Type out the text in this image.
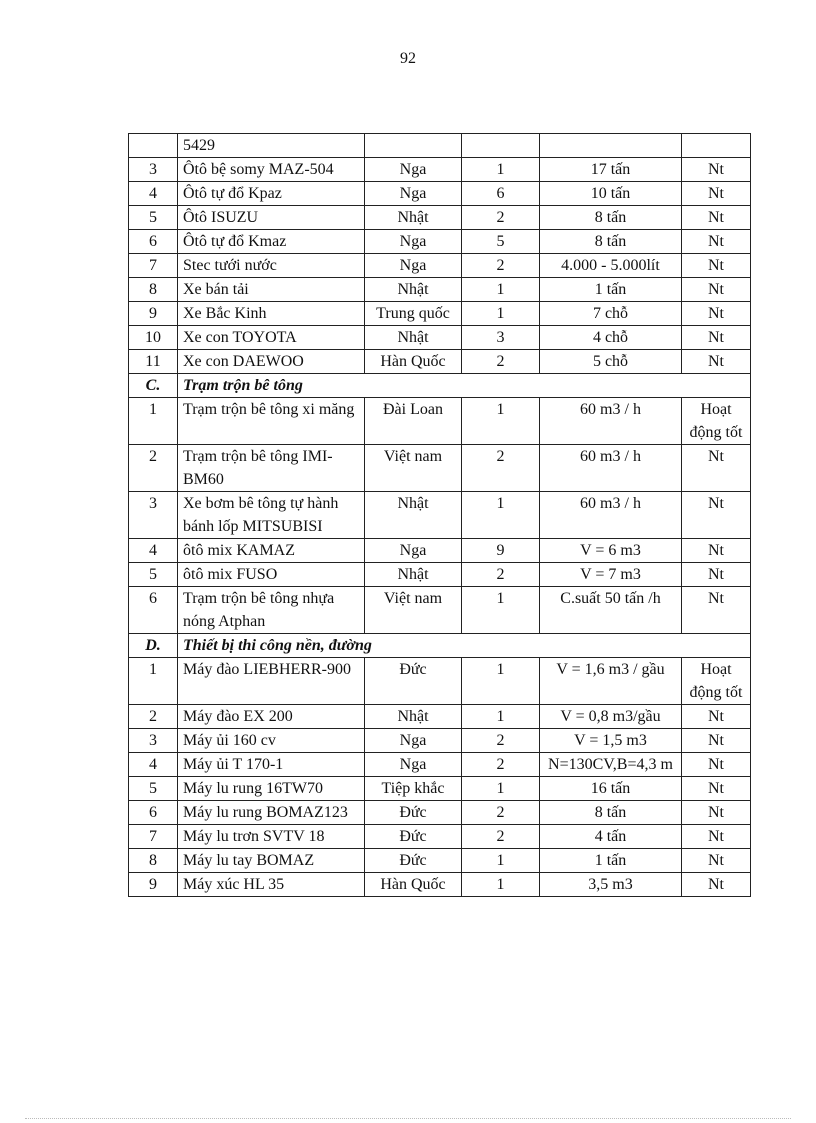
92
	5429				
3	Ôtô bệ somy MAZ-504	Nga	1	17 tấn	Nt
4	Ôtô tự đổ Kpaz	Nga	6	10 tấn	Nt
5	Ôtô ISUZU	Nhật	2	8 tấn	Nt
6	Ôtô tự đổ Kmaz	Nga	5	8 tấn	Nt
7	Stec tưới nước	Nga	2	4.000 - 5.000lít	Nt
8	Xe bán tải	Nhật	1	1 tấn	Nt
9	Xe Bắc Kinh	Trung quốc	1	7 chỗ	Nt
10	Xe con TOYOTA	Nhật	3	4 chỗ	Nt
11	Xe con DAEWOO	Hàn Quốc	2	5 chỗ	Nt
C.	Trạm trộn bê tông				
1	Trạm trộn bê tông xi măng	Đài Loan	1	60 m3 / h	Hoạt động tốt
2	Trạm trộn bê tông IMI-BM60	Việt nam	2	60 m3 / h	Nt
3	Xe bơm bê tông tự hành bánh lốp MITSUBISI	Nhật	1	60 m3 / h	Nt
4	ôtô mix KAMAZ	Nga	9	V = 6 m3	Nt
5	ôtô mix FUSO	Nhật	2	V = 7 m3	Nt
6	Trạm trộn bê tông nhựa nóng Atphan	Việt nam	1	C.suất 50 tấn /h	Nt
D.	Thiết bị thi công nền, đường				
1	Máy đào LIEBHERR-900	Đức	1	V = 1,6 m3 / gầu	Hoạt động tốt
2	Máy đào EX 200	Nhật	1	V = 0,8 m3/gầu	Nt
3	Máy ủi 160 cv	Nga	2	V = 1,5 m3	Nt
4	Máy ủi T 170-1	Nga	2	N=130CV,B=4,3 m	Nt
5	Máy lu rung 16TW70	Tiệp khắc	1	16 tấn	Nt
6	Máy lu rung BOMAZ123	Đức	2	8 tấn	Nt
7	Máy lu trơn SVTV 18	Đức	2	4 tấn	Nt
8	Máy lu tay BOMAZ	Đức	1	1 tấn	Nt
9	Máy xúc HL 35	Hàn Quốc	1	3,5 m3	Nt
